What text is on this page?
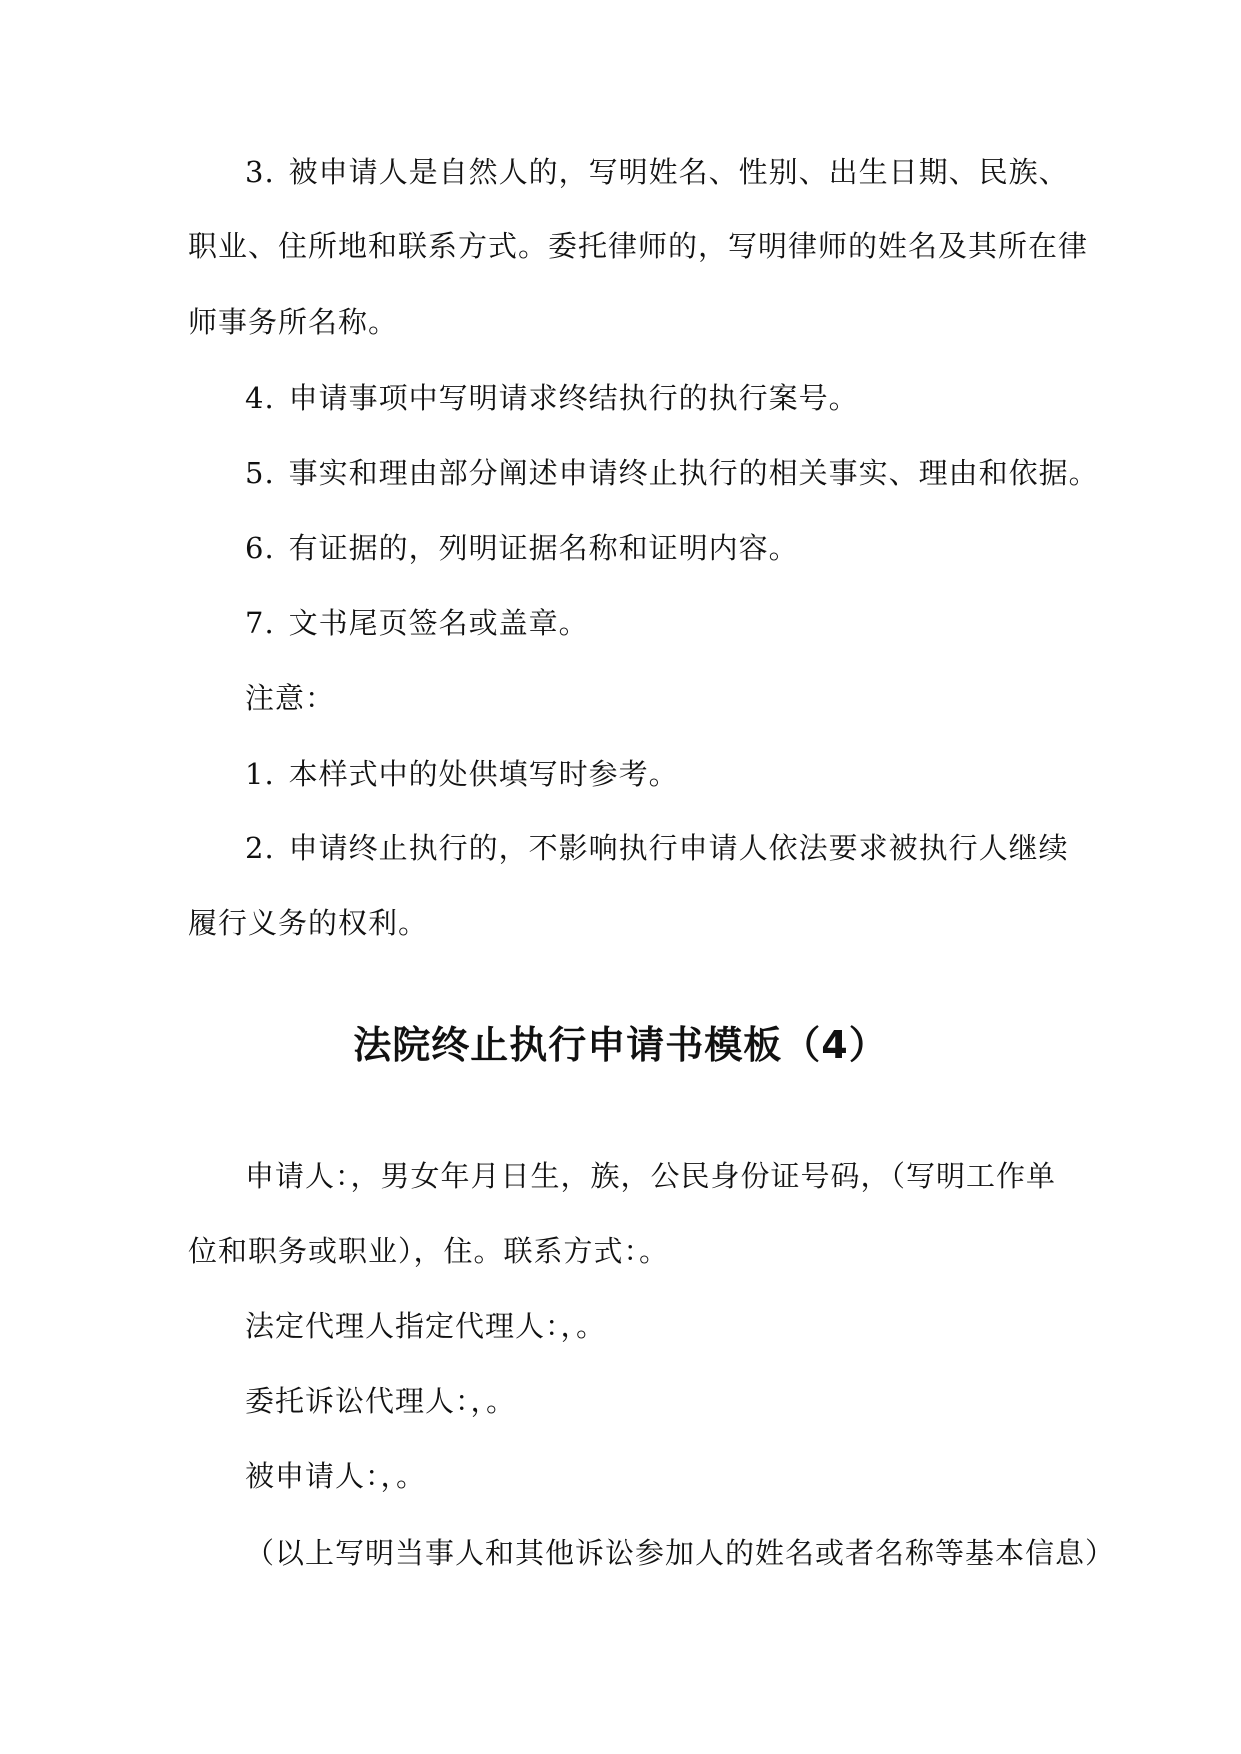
3. 被申请人是自然人的，写明姓名、性别、出生日期、民族、
职业、住所地和联系方式。委托律师的，写明律师的姓名及其所在律
师事务所名称。
4. 申请事项中写明请求终结执行的执行案号。
5. 事实和理由部分阐述申请终止执行的相关事实、理由和依据。
6. 有证据的，列明证据名称和证明内容。
7. 文书尾页签名或盖章。
注意：
1. 本样式中的处供填写时参考。
2. 申请终止执行的，不影响执行申请人依法要求被执行人继续
履行义务的权利。
法院终止执行申请书模板（4）
申请人：，男女年月日生，族，公民身份证号码，（写明工作单
位和职务或职业），住。联系方式：。
法定代理人指定代理人：，。
委托诉讼代理人：，。
被申请人：，。
（以上写明当事人和其他诉讼参加人的姓名或者名称等基本信息）
